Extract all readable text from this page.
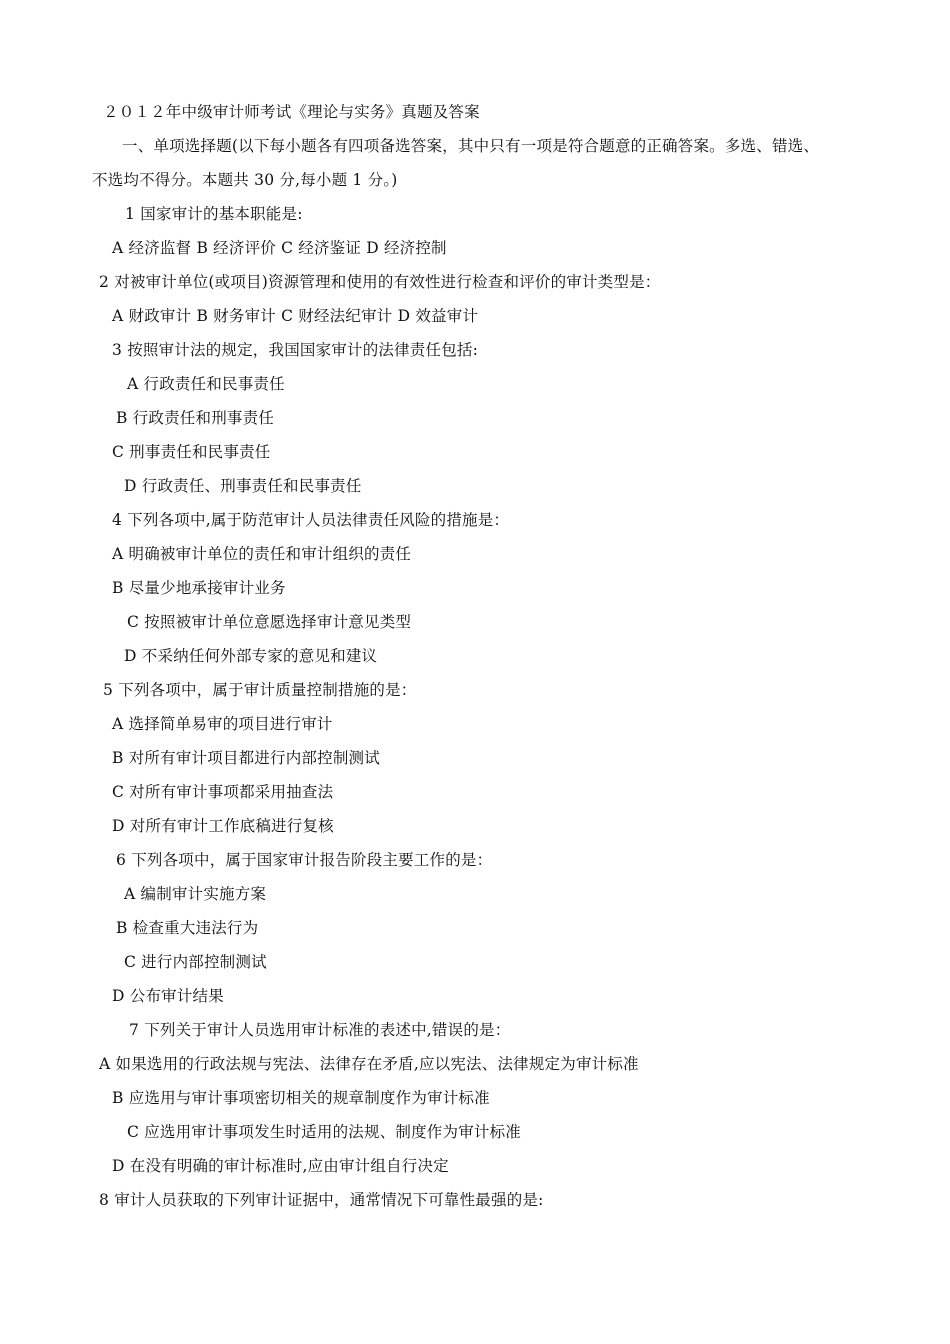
２０１２年中级审计师考试《理论与实务》真题及答案
一、单项选择题(以下每小题各有四项备选答案，其中只有一项是符合题意的正确答案。多选、错选、
不选均不得分。本题共 30 分,每小题 1 分。)
1 国家审计的基本职能是:
A 经济监督 B 经济评价 C 经济鉴证 D 经济控制
2 对被审计单位(或项目)资源管理和使用的有效性进行检查和评价的审计类型是：
A 财政审计 B 财务审计 C 财经法纪审计 D 效益审计
3 按照审计法的规定，我国国家审计的法律责任包括:
A 行政责任和民事责任
B 行政责任和刑事责任
C 刑事责任和民事责任
D 行政责任、刑事责任和民事责任
4 下列各项中,属于防范审计人员法律责任风险的措施是：
A 明确被审计单位的责任和审计组织的责任
B 尽量少地承接审计业务
C 按照被审计单位意愿选择审计意见类型
D 不采纳任何外部专家的意见和建议
5 下列各项中，属于审计质量控制措施的是：
A 选择简单易审的项目进行审计
B 对所有审计项目都进行内部控制测试
C 对所有审计事项都采用抽查法
D 对所有审计工作底稿进行复核
6 下列各项中，属于国家审计报告阶段主要工作的是：
A 编制审计实施方案
B 检查重大违法行为
C 进行内部控制测试
D 公布审计结果
7 下列关于审计人员选用审计标准的表述中,错误的是：
A 如果选用的行政法规与宪法、法律存在矛盾,应以宪法、法律规定为审计标准
B 应选用与审计事项密切相关的规章制度作为审计标准
C 应选用审计事项发生时适用的法规、制度作为审计标准
D 在没有明确的审计标准时,应由审计组自行决定
8 审计人员获取的下列审计证据中，通常情况下可靠性最强的是:
